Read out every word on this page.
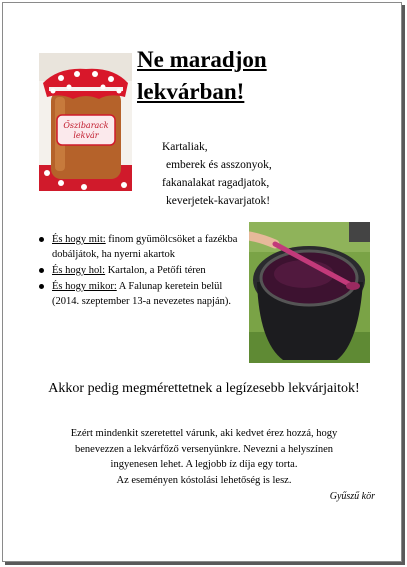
Őszibarack
lekvár
Ne maradjon
lekvárban!
Kartaliak,
emberek és asszonyok,
fakanalakat ragadjatok,
keverjetek-kavarjatok!
És hogy mit: finom gyümölcsöket a fazékba dobáljátok, ha nyerni akartok
És hogy hol: Kartalon, a Petőfi téren
És hogy mikor: A Falunap keretein belül (2014. szeptember 13-a nevezetes napján).
Akkor pedig megmérettetnek a legízesebb lekvárjaitok!
Ezért mindenkit szeretettel várunk, aki kedvet érez hozzá, hogy
benevezzen a lekvárfőző versenyünkre. Nevezni a helyszínen
ingyenesen lehet. A legjobb íz díja egy torta.
Az eseményen kóstolási lehetőség is lesz.
Gyűszű kör
